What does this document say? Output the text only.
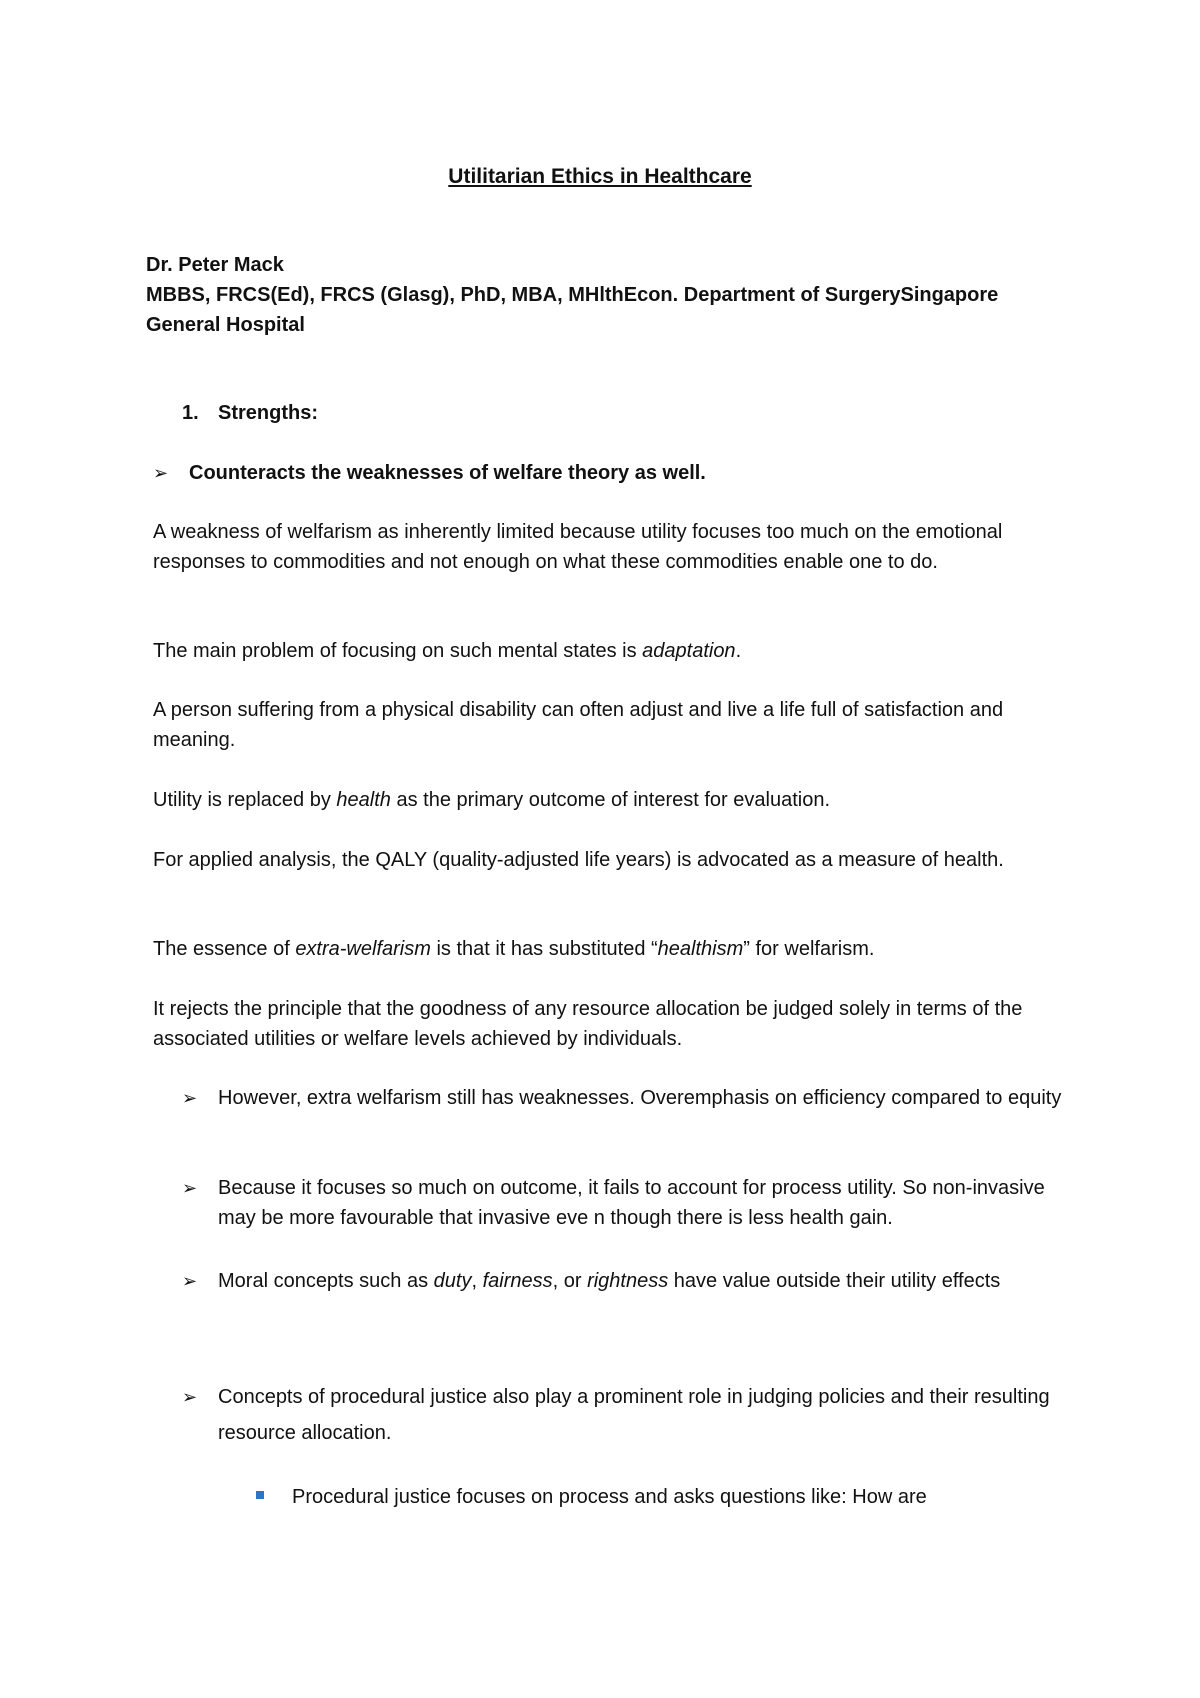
Utilitarian Ethics in Healthcare

Dr. Peter Mack

MBBS, FRCS(Ed), FRCS (Glasg), PhD, MBA, MHlthEcon. Department of SurgerySingapore

General Hospital

1. Strengths:
➢ Counteracts the weaknesses of welfare theory as well.

A weakness of welfarism as inherently limited because utility focuses too much on the emotional responses to commodities and not enough on what these commodities enable one to do.

The main problem of focusing on such mental states is adaptation.

A person suffering from a physical disability can often adjust and live a life full of satisfaction and meaning.

Utility is replaced by health as the primary outcome of interest for evaluation.

For applied analysis, the QALY (quality-adjusted life years) is advocated as a measure of health.

The essence of extra-welfarism is that it has substituted “healthism” for welfarism.

It rejects the principle that the goodness of any resource allocation be judged solely in terms of the associated utilities or welfare levels achieved by individuals.

➢ However, extra welfarism still has weaknesses. Overemphasis on efficiency compared to equity
➢ Because it focuses so much on outcome, it fails to account for process utility. So non-invasive may be more favourable that invasive eve n though there is less health gain.
➢ Moral concepts such as duty, fairness, or rightness have value outside their utility effects
➢ Concepts of procedural justice also play a prominent role in judging policies and their resulting resource allocation.
Procedural justice focuses on process and asks questions like: How are
